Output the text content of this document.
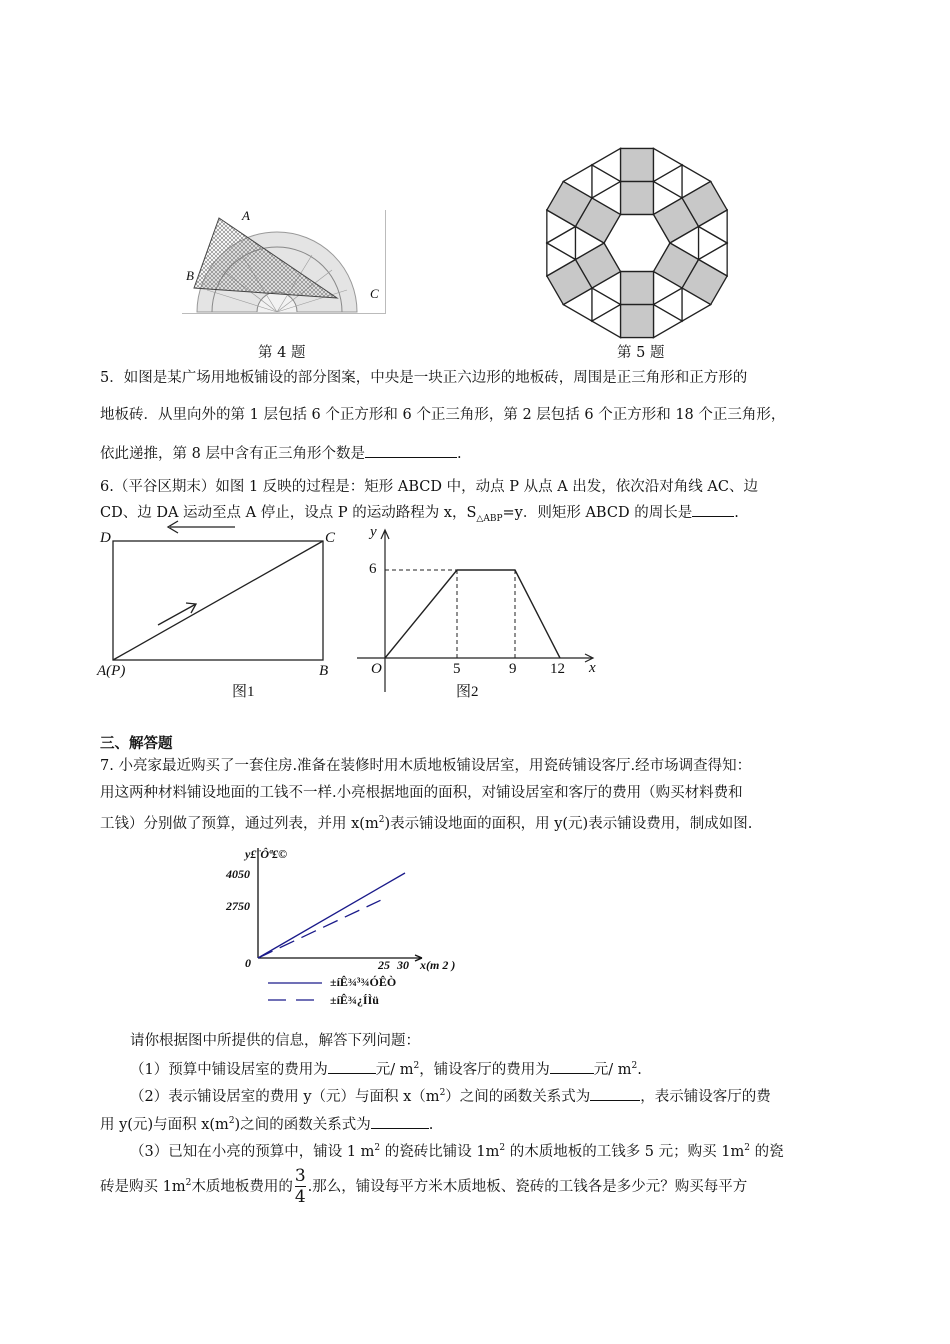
A
B
C
第 4 题	第 5 题
5．如图是某广场用地板铺设的部分图案，中央是一块正六边形的地板砖，周围是正三角形和正方形的
地板砖．从里向外的第 1 层包括 6 个正方形和 6 个正三角形，第 2 层包括 6 个正方形和 18 个正三角形，
依此递推，第 8 层中含有正三角形个数是	.
6.（平谷区期末）如图 1 反映的过程是：矩形 ABCD 中，动点 P 从点 A 出发，依次沿对角线 AC、边
CD、边 DA 运动至点 A 停止，设点 P 的运动路程为 x，$S_{\triangle ABP}=y$．则矩形 ABCD 的周长是	.
D	C
A(P)	B
图1
y
x
O
6
5	9 12
图2
三、解答题
7. 小亮家最近购买了一套住房.准备在装修时用木质地板铺设居室，用瓷砖铺设客厅.经市场调查得知：
用这两种材料铺设地面的工钱不一样.小亮根据地面的面积，对铺设居室和客厅的费用（购买材料费和
工钱）分别做了预算，通过列表，并用 $x(m^2)$表示铺设地面的面积，用 y(元)表示铺设费用，制成如图.
y£¨Ôª£©
x(m 2 )
0
4050
2750
25 30
±íÊ¾³¾ÓÊÒ
±íÊ¾¿ÍÌü
请你根据图中所提供的信息，解答下列问题：
（1）预算中铺设居室的费用为	元/ $m^2$，铺设客厅的费用为	元/ $m^2$.
（2）表示铺设居室的费用 y（元）与面积 $x(m^2)$之间的函数关系式为	，表示铺设客厅的费
用 y(元)与面积 $x(m^2)$之间的函数关系式为	.
（3）已知在小亮的预算中，铺设 1 $m^2$ 的瓷砖比铺设 $1m^2$ 的木质地板的工钱多 5 元；购买 $1m^2$ 的瓷
砖是购买 $1m^2$木质地板费用的 $\frac{3}{4}$ .那么，铺设每平方米木质地板、瓷砖的工钱各是多少元？购买每平方
